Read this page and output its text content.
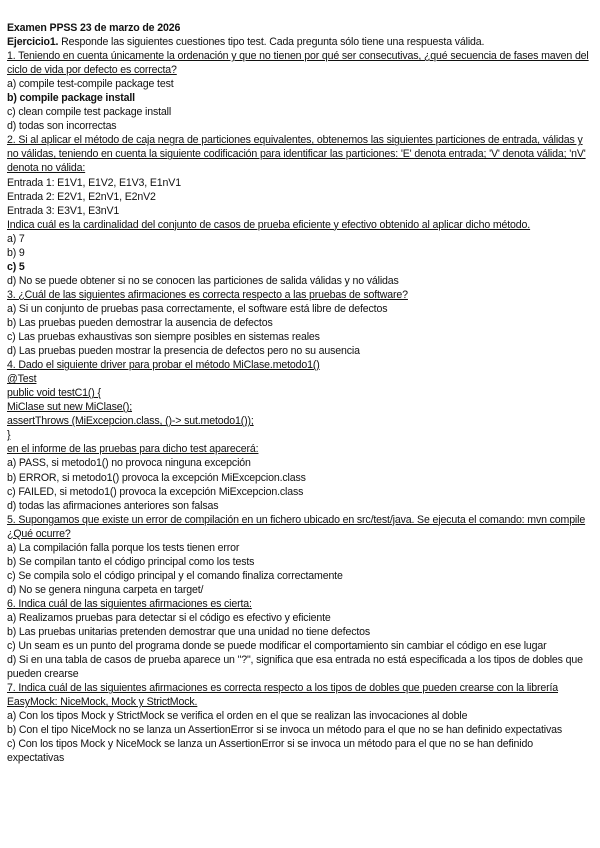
Examen PPSS 23 de marzo de 2026
Ejercicio1. Responde las siguientes cuestiones tipo test. Cada pregunta sólo tiene una respuesta válida.
1. Teniendo en cuenta únicamente la ordenación y que no tienen por qué ser consecutivas, ¿qué secuencia de fases maven del ciclo de vida por defecto es correcta?
a) compile test-compile package test
b) compile package install
c) clean compile test package install
d) todas son incorrectas
2. Si al aplicar el método de caja negra de particiones equivalentes, obtenemos las siguientes particiones de entrada, válidas y no válidas, teniendo en cuenta la siguiente codificación para identificar las particiones: 'E' denota entrada; 'V' denota válida; 'nV' denota no válida:
Entrada 1: E1V1, E1V2, E1V3, E1nV1
Entrada 2: E2V1, E2nV1, E2nV2
Entrada 3: E3V1, E3nV1
Indica cuál es la cardinalidad del conjunto de casos de prueba eficiente y efectivo obtenido al aplicar dicho método.
a) 7
b) 9
c) 5
d) No se puede obtener si no se conocen las particiones de salida válidas y no válidas
3. ¿Cuál de las siguientes afirmaciones es correcta respecto a las pruebas de software?
a) Si un conjunto de pruebas pasa correctamente, el software está libre de defectos
b) Las pruebas pueden demostrar la ausencia de defectos
c) Las pruebas exhaustivas son siempre posibles en sistemas reales
d) Las pruebas pueden mostrar la presencia de defectos pero no su ausencia
4. Dado el siguiente driver para probar el método MiClase.metodo1()
@Test
public void testC1() {
MiClase sut new MiClase();
assertThrows (MiExcepcion.class, ()-> sut.metodo1());
}
en el informe de las pruebas para dicho test aparecerá:
a) PASS, si metodo1() no provoca ninguna excepción
b) ERROR, si metodo1() provoca la excepción MiExcepcion.class
c) FAILED, si metodo1() provoca la excepción MiExcepcion.class
d) todas las afirmaciones anteriores son falsas
5. Supongamos que existe un error de compilación en un fichero ubicado en src/test/java. Se ejecuta el comando: mvn compile ¿Qué ocurre?
a) La compilación falla porque los tests tienen error
b) Se compilan tanto el código principal como los tests
c) Se compila solo el código principal y el comando finaliza correctamente
d) No se genera ninguna carpeta en target/
6. Indica cuál de las siguientes afirmaciones es cierta:
a) Realizamos pruebas para detectar si el código es efectivo y eficiente
b) Las pruebas unitarias pretenden demostrar que una unidad no tiene defectos
c) Un seam es un punto del programa donde se puede modificar el comportamiento sin cambiar el código en ese lugar
d) Si en una tabla de casos de prueba aparece un "?", significa que esa entrada no está especificada a los tipos de dobles que pueden crearse
7. Indica cuál de las siguientes afirmaciones es correcta respecto a los tipos de dobles que pueden crearse con la librería EasyMock: NiceMock, Mock y StrictMock.
a) Con los tipos Mock y StrictMock se verifica el orden en el que se realizan las invocaciones al doble
b) Con el tipo NiceMock no se lanza un AssertionError si se invoca un método para el que no se han definido expectativas
c) Con los tipos Mock y NiceMock se lanza un AssertionError si se invoca un método para el que no se han definido expectativas
